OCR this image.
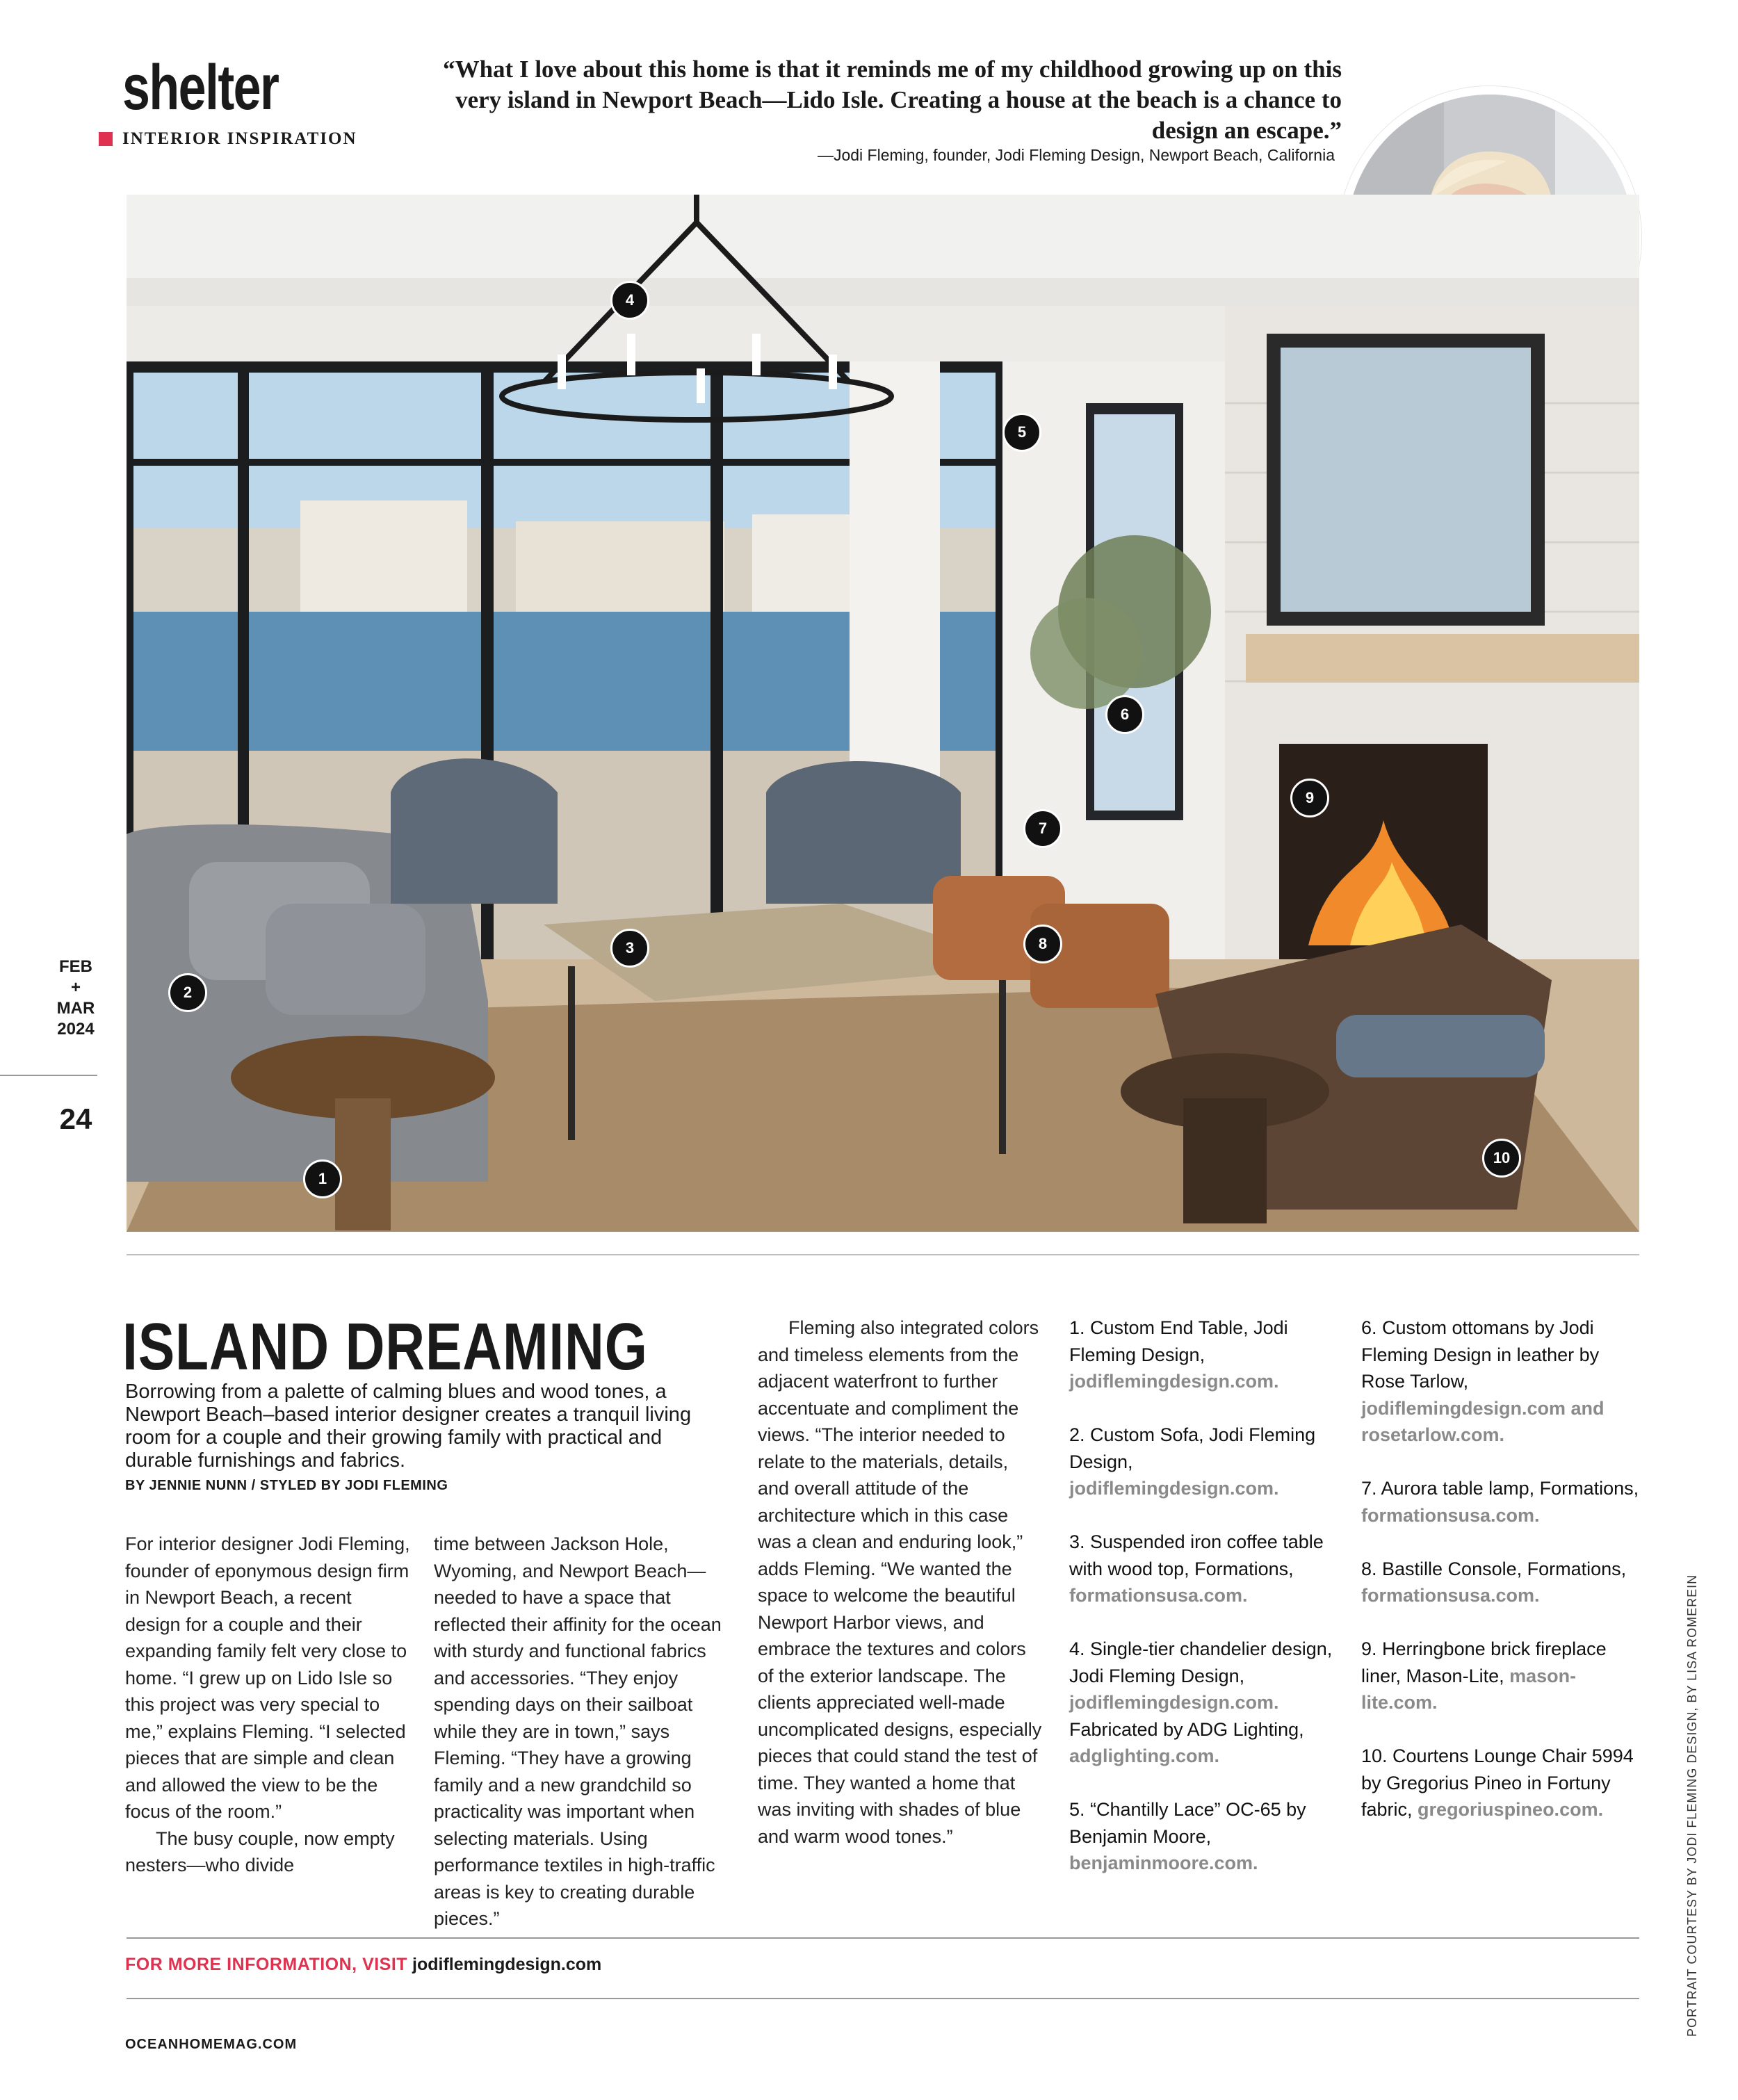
shelter
INTERIOR INSPIRATION
“What I love about this home is that it reminds me of my childhood growing up on this very island in Newport Beach—Lido Isle. Creating a house at the beach is a chance to design an escape.”
—Jodi Fleming, founder, Jodi Fleming Design, Newport Beach, California
1
2
3
4
5
6
7
8
9
10
FEB
+
MAR
2024
24
ISLAND DREAMING
Borrowing from a palette of calming blues and wood tones, a Newport Beach–based interior designer creates a tranquil living room for a couple and their growing family with practical and durable furnishings and fabrics.
BY JENNIE NUNN / STYLED BY JODI FLEMING

For interior designer Jodi Fleming, founder of eponymous design firm in Newport Beach, a recent design for a couple and their expanding family felt very close to home. “I grew up on Lido Isle so this project was very special to me,” explains Fleming. “I selected pieces that are simple and clean and allowed the view to be the focus of the room.”

The busy couple, now empty nesters—who divide

time between Jackson Hole, Wyoming, and Newport Beach—needed to have a space that reflected their affinity for the ocean with sturdy and functional fabrics and accessories. “They enjoy spending days on their sailboat while they are in town,” says Fleming. “They have a growing family and a new grandchild so practicality was important when selecting materials. Using performance textiles in high-traffic areas is key to creating durable pieces.”

Fleming also integrated colors and timeless elements from the adjacent waterfront to further accentuate and compliment the views. “The interior needed to relate to the materials, details, and overall attitude of the architecture which in this case was a clean and enduring look,” adds Fleming. “We wanted the space to welcome the beautiful Newport Harbor views, and embrace the textures and colors of the exterior landscape. The clients appreciated well-made uncomplicated designs, especially pieces that could stand the test of time. They wanted a home that was inviting with shades of blue and warm wood tones.”

1. Custom End Table, Jodi Fleming Design, jodiflemingdesign.com.
2. Custom Sofa, Jodi Fleming Design, jodiflemingdesign.com.
3. Suspended iron coffee table with wood top, Formations, formationsusa.com.
4. Single-tier chandelier design, Jodi Fleming Design, jodiflemingdesign.com. Fabricated by ADG Lighting, adglighting.com.
5. “Chantilly Lace” OC-65 by Benjamin Moore, benjaminmoore.com.
6. Custom ottomans by Jodi Fleming Design in leather by Rose Tarlow, jodiflemingdesign.com and rosetarlow.com.
7. Aurora table lamp, Formations, formationsusa.com.
8. Bastille Console, Formations, formationsusa.com.
9. Herringbone brick fireplace liner, Mason-Lite, mason-lite.com.
10. Courtens Lounge Chair 5994 by Gregorius Pineo in Fortuny fabric, gregoriuspineo.com.
FOR MORE INFORMATION, VISIT jodiflemingdesign.com
OCEANHOMEMAG.COM
PORTRAIT COURTESY BY JODI FLEMING DESIGN, BY LISA ROMEREIN
